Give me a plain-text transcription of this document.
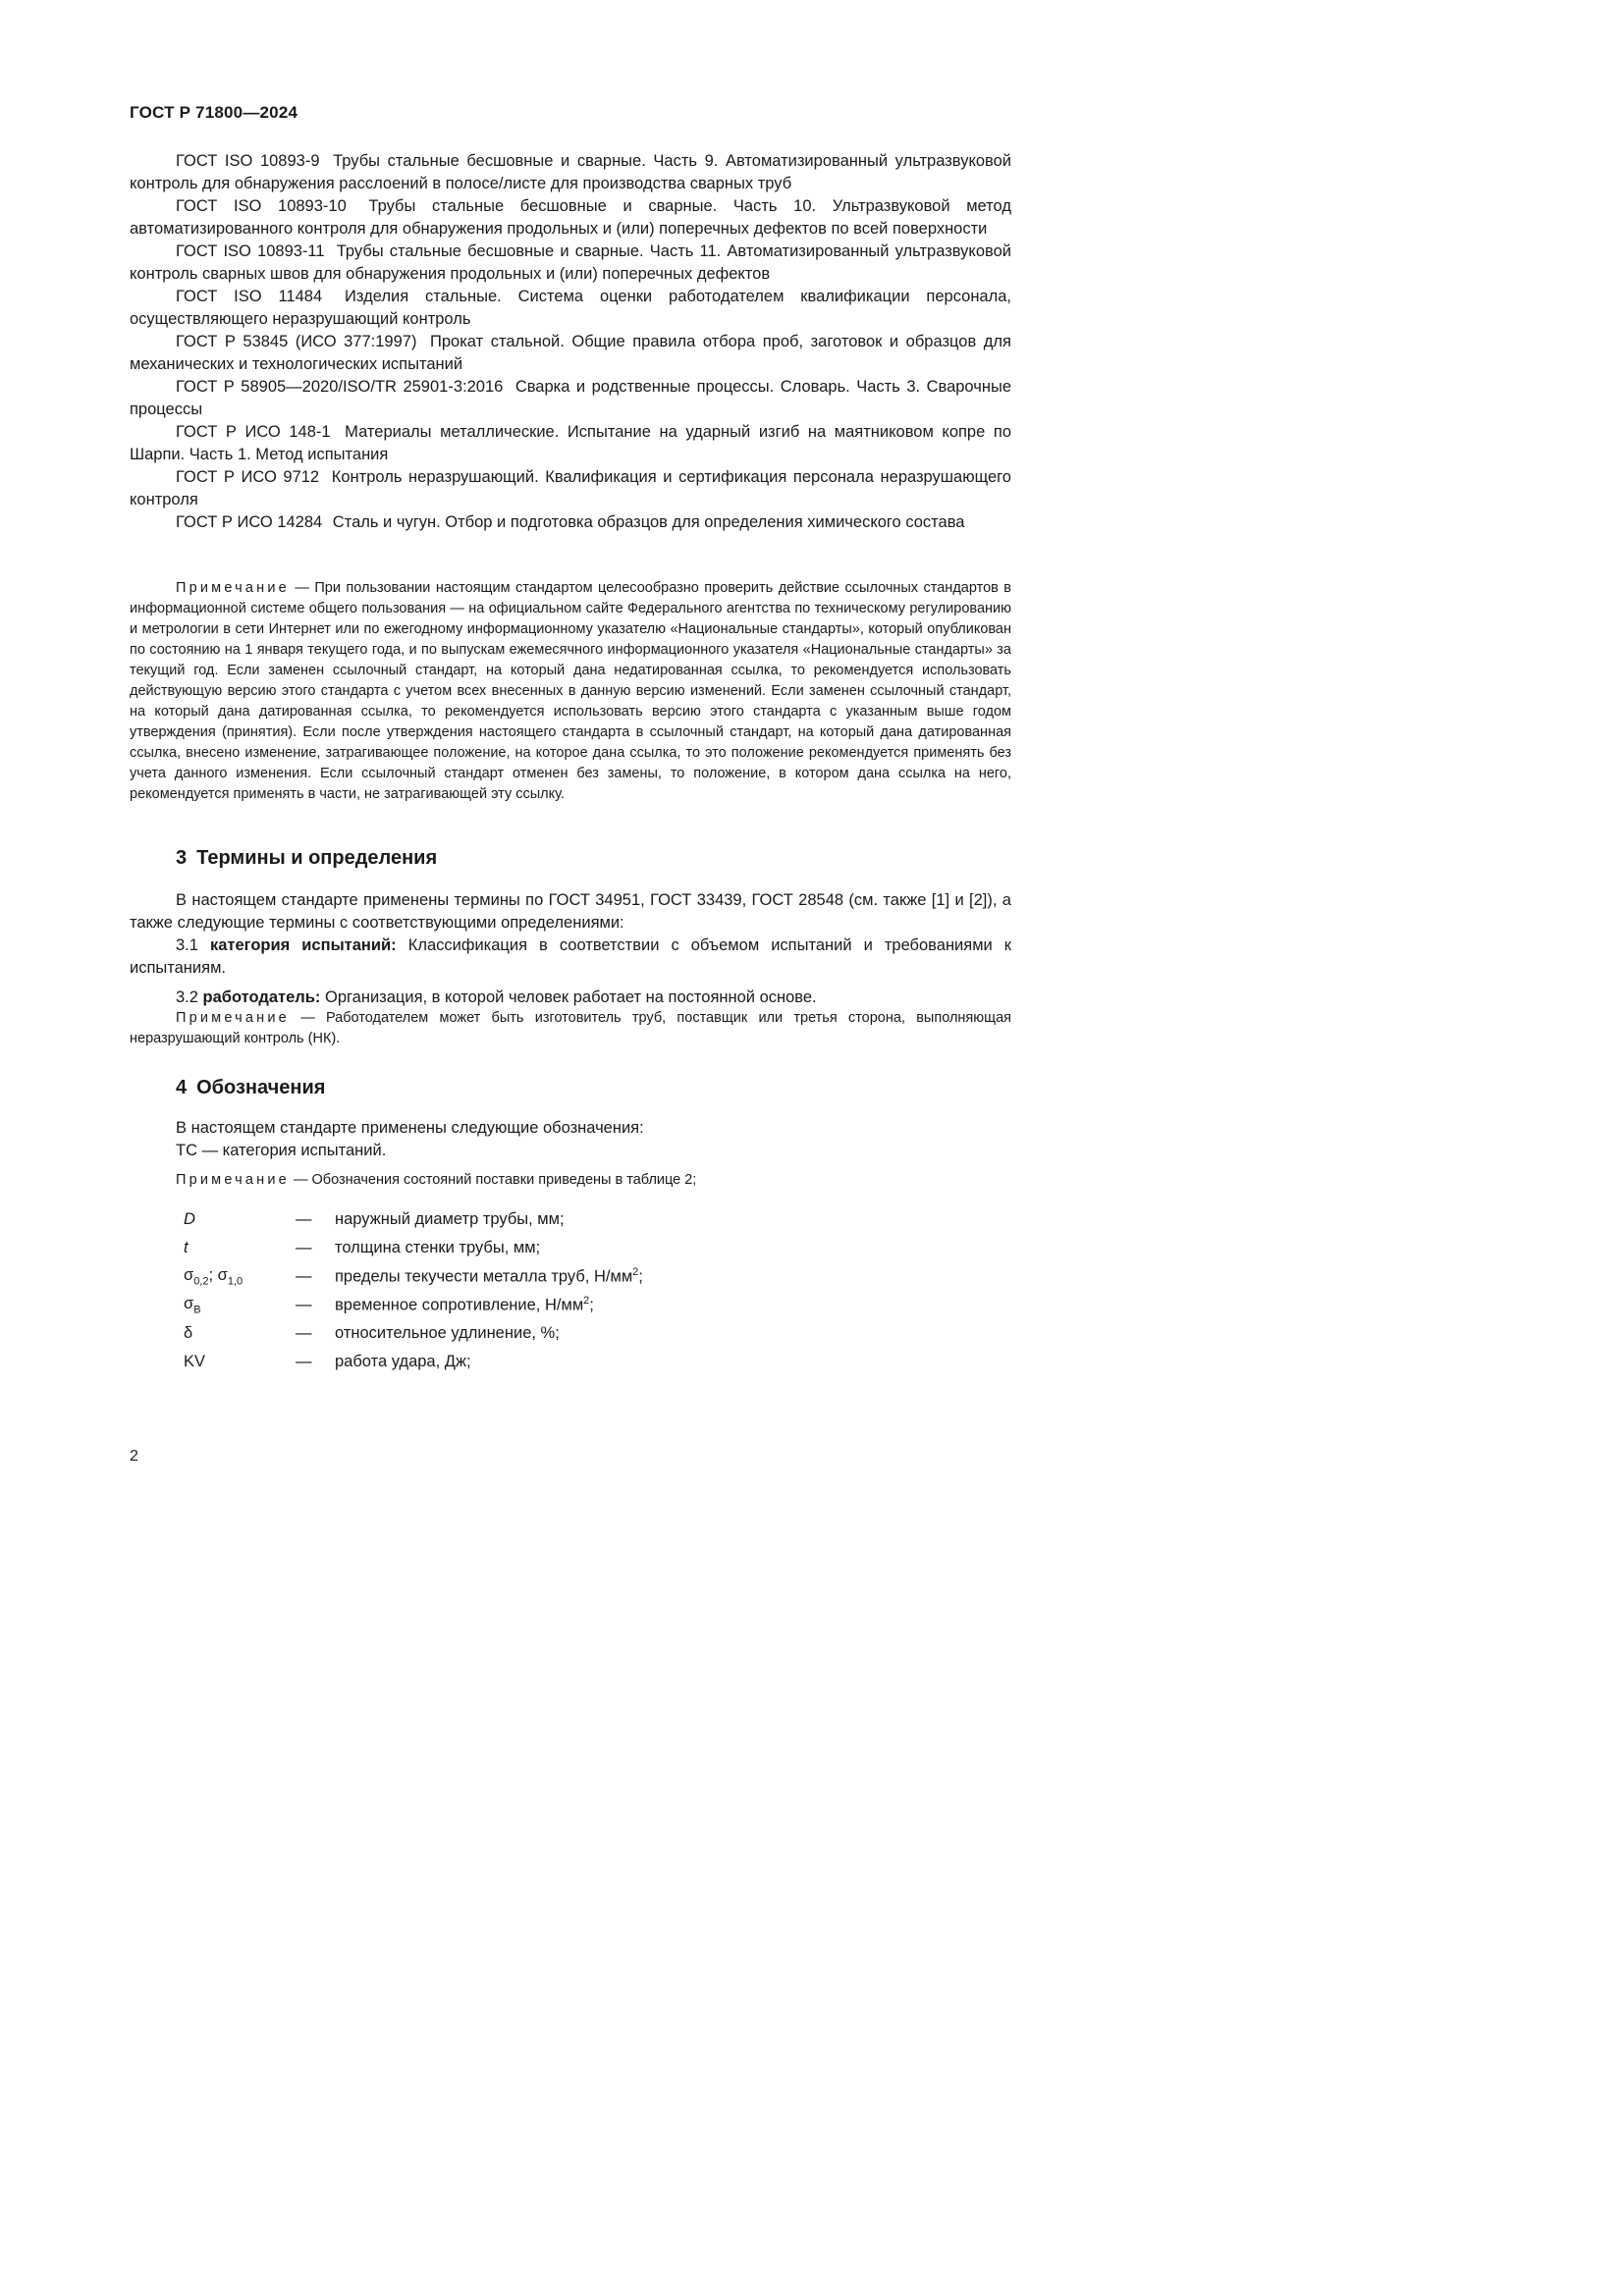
ГОСТ Р 71800—2024

ГОСТ ISO 10893-9 Трубы стальные бесшовные и сварные. Часть 9. Автоматизированный ультразвуковой контроль для обнаружения расслоений в полосе/листе для производства сварных труб

ГОСТ ISO 10893-10 Трубы стальные бесшовные и сварные. Часть 10. Ультразвуковой метод автоматизированного контроля для обнаружения продольных и (или) поперечных дефектов по всей поверхности

ГОСТ ISO 10893-11 Трубы стальные бесшовные и сварные. Часть 11. Автоматизированный ультразвуковой контроль сварных швов для обнаружения продольных и (или) поперечных дефектов

ГОСТ ISO 11484 Изделия стальные. Система оценки работодателем квалификации персонала, осуществляющего неразрушающий контроль

ГОСТ Р 53845 (ИСО 377:1997) Прокат стальной. Общие правила отбора проб, заготовок и образцов для механических и технологических испытаний

ГОСТ Р 58905—2020/ISO/TR 25901-3:2016 Сварка и родственные процессы. Словарь. Часть 3. Сварочные процессы

ГОСТ Р ИСО 148-1 Материалы металлические. Испытание на ударный изгиб на маятниковом копре по Шарпи. Часть 1. Метод испытания

ГОСТ Р ИСО 9712 Контроль неразрушающий. Квалификация и сертификация персонала неразрушающего контроля

ГОСТ Р ИСО 14284 Сталь и чугун. Отбор и подготовка образцов для определения химического состава

Примечание — При пользовании настоящим стандартом целесообразно проверить действие ссылочных стандартов в информационной системе общего пользования — на официальном сайте Федерального агентства по техническому регулированию и метрологии в сети Интернет или по ежегодному информационному указателю «Национальные стандарты», который опубликован по состоянию на 1 января текущего года, и по выпускам ежемесячного информационного указателя «Национальные стандарты» за текущий год. Если заменен ссылочный стандарт, на который дана недатированная ссылка, то рекомендуется использовать действующую версию этого стандарта с учетом всех внесенных в данную версию изменений. Если заменен ссылочный стандарт, на который дана датированная ссылка, то рекомендуется использовать версию этого стандарта с указанным выше годом утверждения (принятия). Если после утверждения настоящего стандарта в ссылочный стандарт, на который дана датированная ссылка, внесено изменение, затрагивающее положение, на которое дана ссылка, то это положение рекомендуется применять без учета данного изменения. Если ссылочный стандарт отменен без замены, то положение, в котором дана ссылка на него, рекомендуется применять в части, не затрагивающей эту ссылку.

3 Термины и определения

В настоящем стандарте применены термины по ГОСТ 34951, ГОСТ 33439, ГОСТ 28548 (см. также [1] и [2]), а также следующие термины с соответствующими определениями:

3.1 категория испытаний: Классификация в соответствии с объемом испытаний и требованиями к испытаниям.

3.2 работодатель: Организация, в которой человек работает на постоянной основе.

Примечание — Работодателем может быть изготовитель труб, поставщик или третья сторона, выполняющая неразрушающий контроль (НК).

4 Обозначения

В настоящем стандарте применены следующие обозначения:

ТС — категория испытаний.

Примечание — Обозначения состояний поставки приведены в таблице 2;

D	—	наружный диаметр трубы, мм;
t	—	толщина стенки трубы, мм;
$\sigma_{0,2}$; $\sigma_{1,0}$	—	пределы текучести металла труб, $Н/мм^2$;
$\sigma_В$	—	временное сопротивление, $Н/мм^2$;
δ	—	относительное удлинение, %;
KV	—	работа удара, Дж;
2
